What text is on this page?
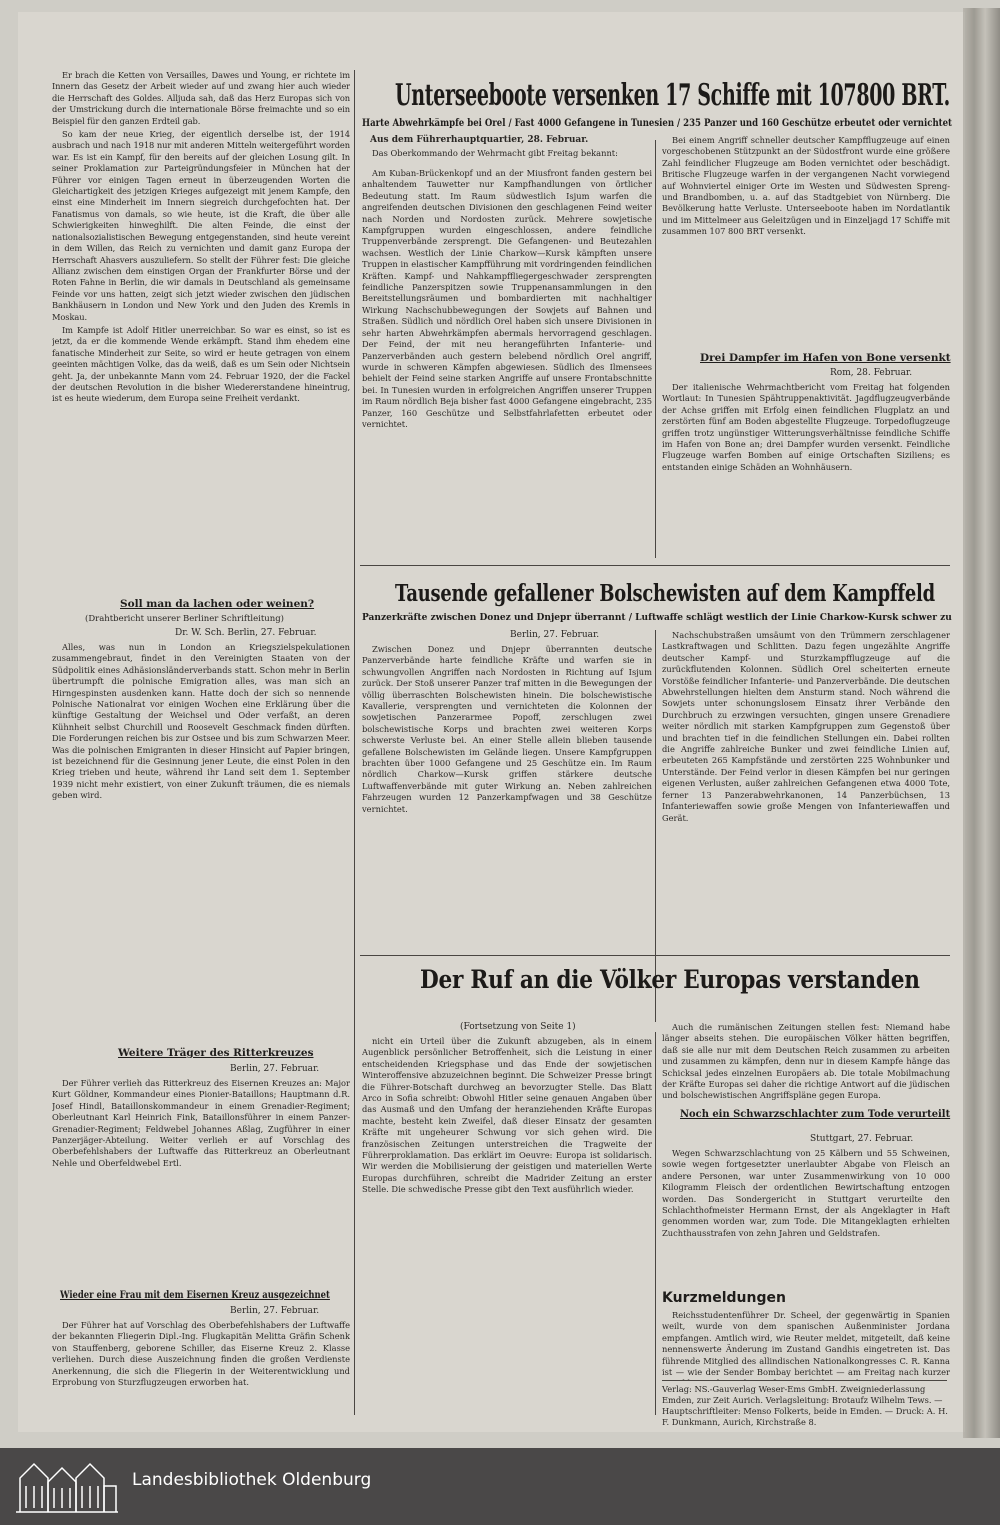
Er brach die Ketten von Versailles, Dawes und Young, er richtete im Innern das Gesetz der Arbeit wieder auf und zwang hier auch wieder die Herrschaft des Goldes. Alljuda sah, daß das Herz Europas sich von der Umstrickung durch die internationale Börse freimachte und so ein Beispiel für den ganzen Erdteil gab.

So kam der neue Krieg, der eigentlich derselbe ist, der 1914 ausbrach und nach 1918 nur mit anderen Mitteln weitergeführt worden war. Es ist ein Kampf, für den bereits auf der gleichen Losung gilt. In seiner Proklamation zur Parteigründungsfeier in München hat der Führer vor einigen Tagen erneut in überzeugenden Worten die Gleichartigkeit des jetzigen Krieges aufgezeigt mit jenem Kampfe, den einst eine Minderheit im Innern siegreich durchgefochten hat. Der Fanatismus von damals, so wie heute, ist die Kraft, die über alle Schwierigkeiten hinweghilft. Die alten Feinde, die einst der nationalsozialistischen Bewegung entgegenstanden, sind heute vereint in dem Willen, das Reich zu vernichten und damit ganz Europa der Herrschaft Ahasvers auszuliefern. So stellt der Führer fest: Die gleiche Allianz zwischen dem einstigen Organ der Frankfurter Börse und der Roten Fahne in Berlin, die wir damals in Deutschland als gemeinsame Feinde vor uns hatten, zeigt sich jetzt wieder zwischen den jüdischen Bankhäusern in London und New York und den Juden des Kremls in Moskau.

Im Kampfe ist Adolf Hitler unerreichbar. So war es einst, so ist es jetzt, da er die kommende Wende erkämpft. Stand ihm ehedem eine fanatische Minderheit zur Seite, so wird er heute getragen von einem geeinten mächtigen Volke, das da weiß, daß es um Sein oder Nichtsein geht. Ja, der unbekannte Mann vom 24. Februar 1920, der die Fackel der deutschen Revolution in die bisher Wiedererstandene hineintrug, ist es heute wiederum, dem Europa seine Freiheit verdankt.

Soll man da lachen oder weinen?
(Drahtbericht unserer Berliner Schriftleitung)
Dr. W. Sch. Berlin, 27. Februar.

Alles, was nun in London an Kriegszielspekulationen zusammengebraut, findet in den Vereinigten Staaten von der Südpolitik eines Adhäsionsländerverbands statt. Schon mehr in Berlin übertrumpft die polnische Emigration alles, was man sich an Hirngespinsten ausdenken kann. Hatte doch der sich so nennende Polnische Nationalrat vor einigen Wochen eine Erklärung über die künftige Gestaltung der Weichsel und Oder verfaßt, an deren Kühnheit selbst Churchill und Roosevelt Geschmack finden dürften. Die Forderungen reichen bis zur Ostsee und bis zum Schwarzen Meer. Was die polnischen Emigranten in dieser Hinsicht auf Papier bringen, ist bezeichnend für die Gesinnung jener Leute, die einst Polen in den Krieg trieben und heute, während ihr Land seit dem 1. September 1939 nicht mehr existiert, von einer Zukunft träumen, die es niemals geben wird.

Weitere Träger des Ritterkreuzes
Berlin, 27. Februar.

Der Führer verlieh das Ritterkreuz des Eisernen Kreuzes an: Major Kurt Göldner, Kommandeur eines Pionier-Bataillons; Hauptmann d.R. Josef Hindl, Bataillonskommandeur in einem Grenadier-Regiment; Oberleutnant Karl Heinrich Fink, Bataillonsführer in einem Panzer-Grenadier-Regiment; Feldwebel Johannes Aßlag, Zugführer in einer Panzerjäger-Abteilung. Weiter verlieh er auf Vorschlag des Oberbefehlshabers der Luftwaffe das Ritterkreuz an Oberleutnant Nehle und Oberfeldwebel Ertl.

Wieder eine Frau mit dem Eisernen Kreuz ausgezeichnet
Berlin, 27. Februar.

Der Führer hat auf Vorschlag des Oberbefehlshabers der Luftwaffe der bekannten Fliegerin Dipl.-Ing. Flugkapitän Melitta Gräfin Schenk von Stauffenberg, geborene Schiller, das Eiserne Kreuz 2. Klasse verliehen. Durch diese Auszeichnung finden die großen Verdienste Anerkennung, die sich die Fliegerin in der Weiterentwicklung und Erprobung von Sturzflugzeugen erworben hat.

Unterseeboote versenken 17 Schiffe mit 107800 BRT.
Harte Abwehrkämpfe bei Orel / Fast 4000 Gefangene in Tunesien / 235 Panzer und 160 Geschütze erbeutet oder vernichtet
Aus dem Führerhauptquartier, 28. Februar.

Das Oberkommando der Wehrmacht gibt Freitag bekannt:

Am Kuban-Brückenkopf und an der Miusfront fanden gestern bei anhaltendem Tauwetter nur Kampfhandlungen von örtlicher Bedeutung statt. Im Raum südwestlich Isjum warfen die angreifenden deutschen Divisionen den geschlagenen Feind weiter nach Norden und Nordosten zurück. Mehrere sowjetische Kampfgruppen wurden eingeschlossen, andere feindliche Truppenverbände zersprengt. Die Gefangenen- und Beutezahlen wachsen. Westlich der Linie Charkow—Kursk kämpften unsere Truppen in elastischer Kampfführung mit vordringenden feindlichen Kräften. Kampf- und Nahkampffliegergeschwader zersprengten feindliche Panzerspitzen sowie Truppenansammlungen in den Bereitstellungsräumen und bombardierten mit nachhaltiger Wirkung Nachschubbewegungen der Sowjets auf Bahnen und Straßen. Südlich und nördlich Orel haben sich unsere Divisionen in sehr harten Abwehrkämpfen abermals hervorragend geschlagen. Der Feind, der mit neu herangeführten Infanterie- und Panzerverbänden auch gestern belebend nördlich Orel angriff, wurde in schweren Kämpfen abgewiesen. Südlich des Ilmensees behielt der Feind seine starken Angriffe auf unsere Frontabschnitte bei. In Tunesien wurden in erfolgreichen Angriffen unserer Truppen im Raum nördlich Beja bisher fast 4000 Gefangene eingebracht, 235 Panzer, 160 Geschütze und Selbstfahrlafetten erbeutet oder vernichtet.

Bei einem Angriff schneller deutscher Kampfflugzeuge auf einen vorgeschobenen Stützpunkt an der Südostfront wurde eine größere Zahl feindlicher Flugzeuge am Boden vernichtet oder beschädigt. Britische Flugzeuge warfen in der vergangenen Nacht vorwiegend auf Wohnviertel einiger Orte im Westen und Südwesten Spreng- und Brandbomben, u. a. auf das Stadtgebiet von Nürnberg. Die Bevölkerung hatte Verluste. Unterseeboote haben im Nordatlantik und im Mittelmeer aus Geleitzügen und in Einzeljagd 17 Schiffe mit zusammen 107 800 BRT versenkt.

Drei Dampfer im Hafen von Bone versenkt
Rom, 28. Februar.

Der italienische Wehrmachtbericht vom Freitag hat folgenden Wortlaut: In Tunesien Spähtruppenaktivität. Jagdflugzeugverbände der Achse griffen mit Erfolg einen feindlichen Flugplatz an und zerstörten fünf am Boden abgestellte Flugzeuge. Torpedoflugzeuge griffen trotz ungünstiger Witterungsverhältnisse feindliche Schiffe im Hafen von Bone an; drei Dampfer wurden versenkt. Feindliche Flugzeuge warfen Bomben auf einige Ortschaften Siziliens; es entstanden einige Schäden an Wohnhäusern.

Tausende gefallener Bolschewisten auf dem Kampffeld
Panzerkräfte zwischen Donez und Dnjepr überrannt / Luftwaffe schlägt westlich der Linie Charkow-Kursk schwer zu
Berlin, 27. Februar.

Zwischen Donez und Dnjepr überrannten deutsche Panzerverbände harte feindliche Kräfte und warfen sie in schwungvollen Angriffen nach Nordosten in Richtung auf Isjum zurück. Der Stoß unserer Panzer traf mitten in die Bewegungen der völlig überraschten Bolschewisten hinein. Die bolschewistische Kavallerie, versprengten und vernichteten die Kolonnen der sowjetischen Panzerarmee Popoff, zerschlugen zwei bolschewistische Korps und brachten zwei weiteren Korps schwerste Verluste bei. An einer Stelle allein blieben tausende gefallene Bolschewisten im Gelände liegen. Unsere Kampfgruppen brachten über 1000 Gefangene und 25 Geschütze ein. Im Raum nördlich Charkow—Kursk griffen stärkere deutsche Luftwaffenverbände mit guter Wirkung an. Neben zahlreichen Fahrzeugen wurden 12 Panzerkampfwagen und 38 Geschütze vernichtet.

Nachschubstraßen umsäumt von den Trümmern zerschlagener Lastkraftwagen und Schlitten. Dazu fegen ungezählte Angriffe deutscher Kampf- und Sturzkampfflugzeuge auf die zurückflutenden Kolonnen. Südlich Orel scheiterten erneute Vorstöße feindlicher Infanterie- und Panzerverbände. Die deutschen Abwehrstellungen hielten dem Ansturm stand. Noch während die Sowjets unter schonungslosem Einsatz ihrer Verbände den Durchbruch zu erzwingen versuchten, gingen unsere Grenadiere weiter nördlich mit starken Kampfgruppen zum Gegenstoß über und brachten tief in die feindlichen Stellungen ein. Dabei rollten die Angriffe zahlreiche Bunker und zwei feindliche Linien auf, erbeuteten 265 Kampfstände und zerstörten 225 Wohnbunker und Unterstände. Der Feind verlor in diesen Kämpfen bei nur geringen eigenen Verlusten, außer zahlreichen Gefangenen etwa 4000 Tote, ferner 13 Panzerabwehrkanonen, 14 Panzerbüchsen, 13 Infanteriewaffen sowie große Mengen von Infanteriewaffen und Gerät.

Der Ruf an die Völker Europas verstanden
(Fortsetzung von Seite 1)

nicht ein Urteil über die Zukunft abzugeben, als in einem Augenblick persönlicher Betroffenheit, sich die Leistung in einer entscheidenden Kriegsphase und das Ende der sowjetischen Winteroffensive abzuzeichnen beginnt. Die Schweizer Presse bringt die Führer-Botschaft durchweg an bevorzugter Stelle. Das Blatt Arco in Sofia schreibt: Obwohl Hitler seine genauen Angaben über das Ausmaß und den Umfang der heranziehenden Kräfte Europas machte, besteht kein Zweifel, daß dieser Einsatz der gesamten Kräfte mit ungeheurer Schwung vor sich gehen wird. Die französischen Zeitungen unterstreichen die Tragweite der Führerproklamation. Das erklärt im Oeuvre: Europa ist solidarisch. Wir werden die Mobilisierung der geistigen und materiellen Werte Europas durchführen, schreibt die Madrider Zeitung an erster Stelle. Die schwedische Presse gibt den Text ausführlich wieder.

Auch die rumänischen Zeitungen stellen fest: Niemand habe länger abseits stehen. Die europäischen Völker hätten begriffen, daß sie alle nur mit dem Deutschen Reich zusammen zu arbeiten und zusammen zu kämpfen, denn nur in diesem Kampfe hänge das Schicksal jedes einzelnen Europäers ab. Die totale Mobilmachung der Kräfte Europas sei daher die richtige Antwort auf die jüdischen und bolschewistischen Angriffspläne gegen Europa.

Noch ein Schwarzschlachter zum Tode verurteilt
Stuttgart, 27. Februar.

Wegen Schwarzschlachtung von 25 Kälbern und 55 Schweinen, sowie wegen fortgesetzter unerlaubter Abgabe von Fleisch an andere Personen, war unter Zusammenwirkung von 10 000 Kilogramm Fleisch der ordentlichen Bewirtschaftung entzogen worden. Das Sondergericht in Stuttgart verurteilte den Schlachthofmeister Hermann Ernst, der als Angeklagter in Haft genommen worden war, zum Tode. Die Mitangeklagten erhielten Zuchthausstrafen von zehn Jahren und Geldstrafen.

Kurzmeldungen

Reichsstudentenführer Dr. Scheel, der gegenwärtig in Spanien weilt, wurde von dem spanischen Außenminister Jordana empfangen. Amtlich wird, wie Reuter meldet, mitgeteilt, daß keine nennenswerte Änderung im Zustand Gandhis eingetreten ist. Das führende Mitglied des allindischen Nationalkongresses C. R. Kanna ist — wie der Sender Bombay berichtet — am Freitag nach kurzer

Verlag: NS.-Gauverlag Weser-Ems GmbH. Zweigniederlassung Emden, zur Zeit Aurich. Verlagsleitung: Brotaufz Wilhelm Tews. — Hauptschriftleiter: Menso Folkerts, beide in Emden. — Druck: A. H. F. Dunkmann, Aurich, Kirchstraße 8.
Landesbibliothek Oldenburg
